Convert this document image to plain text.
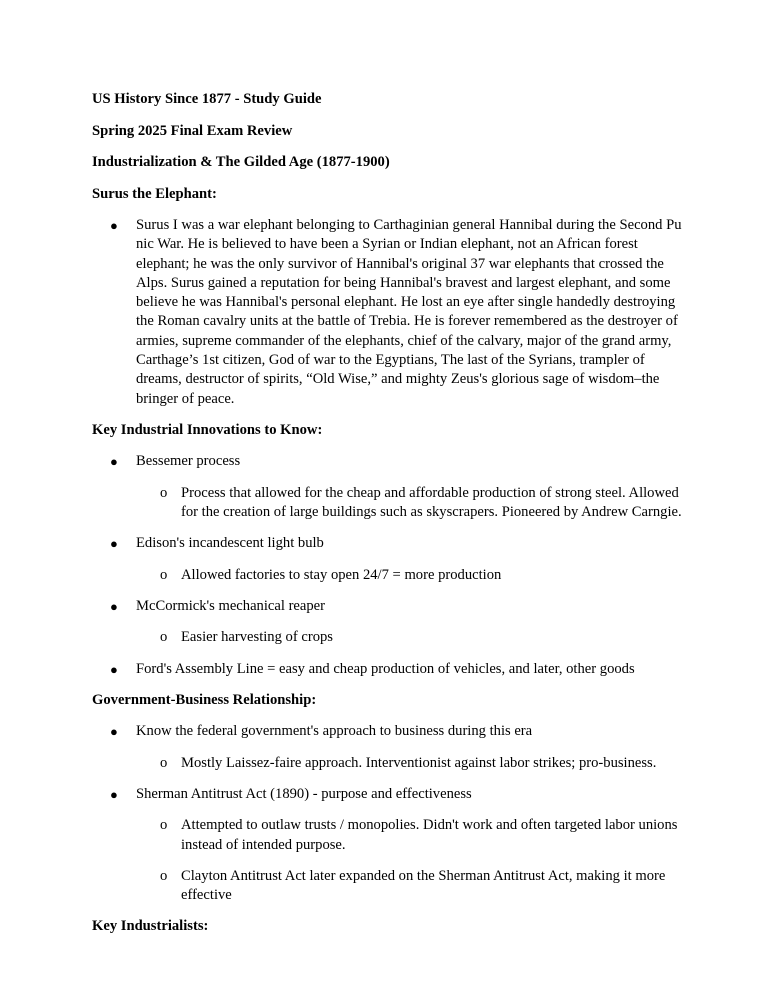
US History Since 1877 - Study Guide

Spring 2025 Final Exam Review

Industrialization & The Gilded Age (1877-1900)

Surus the Elephant:

● Surus I was a war elephant belonging to Carthaginian general Hannibal during the Second Pu nic War. He is believed to have been a Syrian or Indian elephant, not an African forest elephant; he was the only survivor of Hannibal's original 37 war elephants that crossed the Alps. Surus gained a reputation for being Hannibal's bravest and largest elephant, and some believe he was Hannibal's personal elephant. He lost an eye after single handedly destroying the Roman cavalry units at the battle of Trebia. He is forever remembered as the destroyer of armies, supreme commander of the elephants, chief of the calvary, major of the grand army, Carthage’s 1st citizen, God of war to the Egyptians, The last of the Syrians, trampler of dreams, destructor of spirits, “Old Wise,” and mighty Zeus's glorious sage of wisdom–the bringer of peace.

Key Industrial Innovations to Know:

● Bessemer process
o Process that allowed for the cheap and affordable production of strong steel. Allowed for the creation of large buildings such as skyscrapers. Pioneered by Andrew Carngie.
● Edison's incandescent light bulb
o Allowed factories to stay open 24/7 = more production
● McCormick's mechanical reaper
o Easier harvesting of crops
● Ford's Assembly Line = easy and cheap production of vehicles, and later, other goods

Government-Business Relationship:

● Know the federal government's approach to business during this era
o Mostly Laissez-faire approach. Interventionist against labor strikes; pro-business.
● Sherman Antitrust Act (1890) - purpose and effectiveness
o Attempted to outlaw trusts / monopolies. Didn't work and often targeted labor unions instead of intended purpose.
o Clayton Antitrust Act later expanded on the Sherman Antitrust Act, making it more effective

Key Industrialists:
